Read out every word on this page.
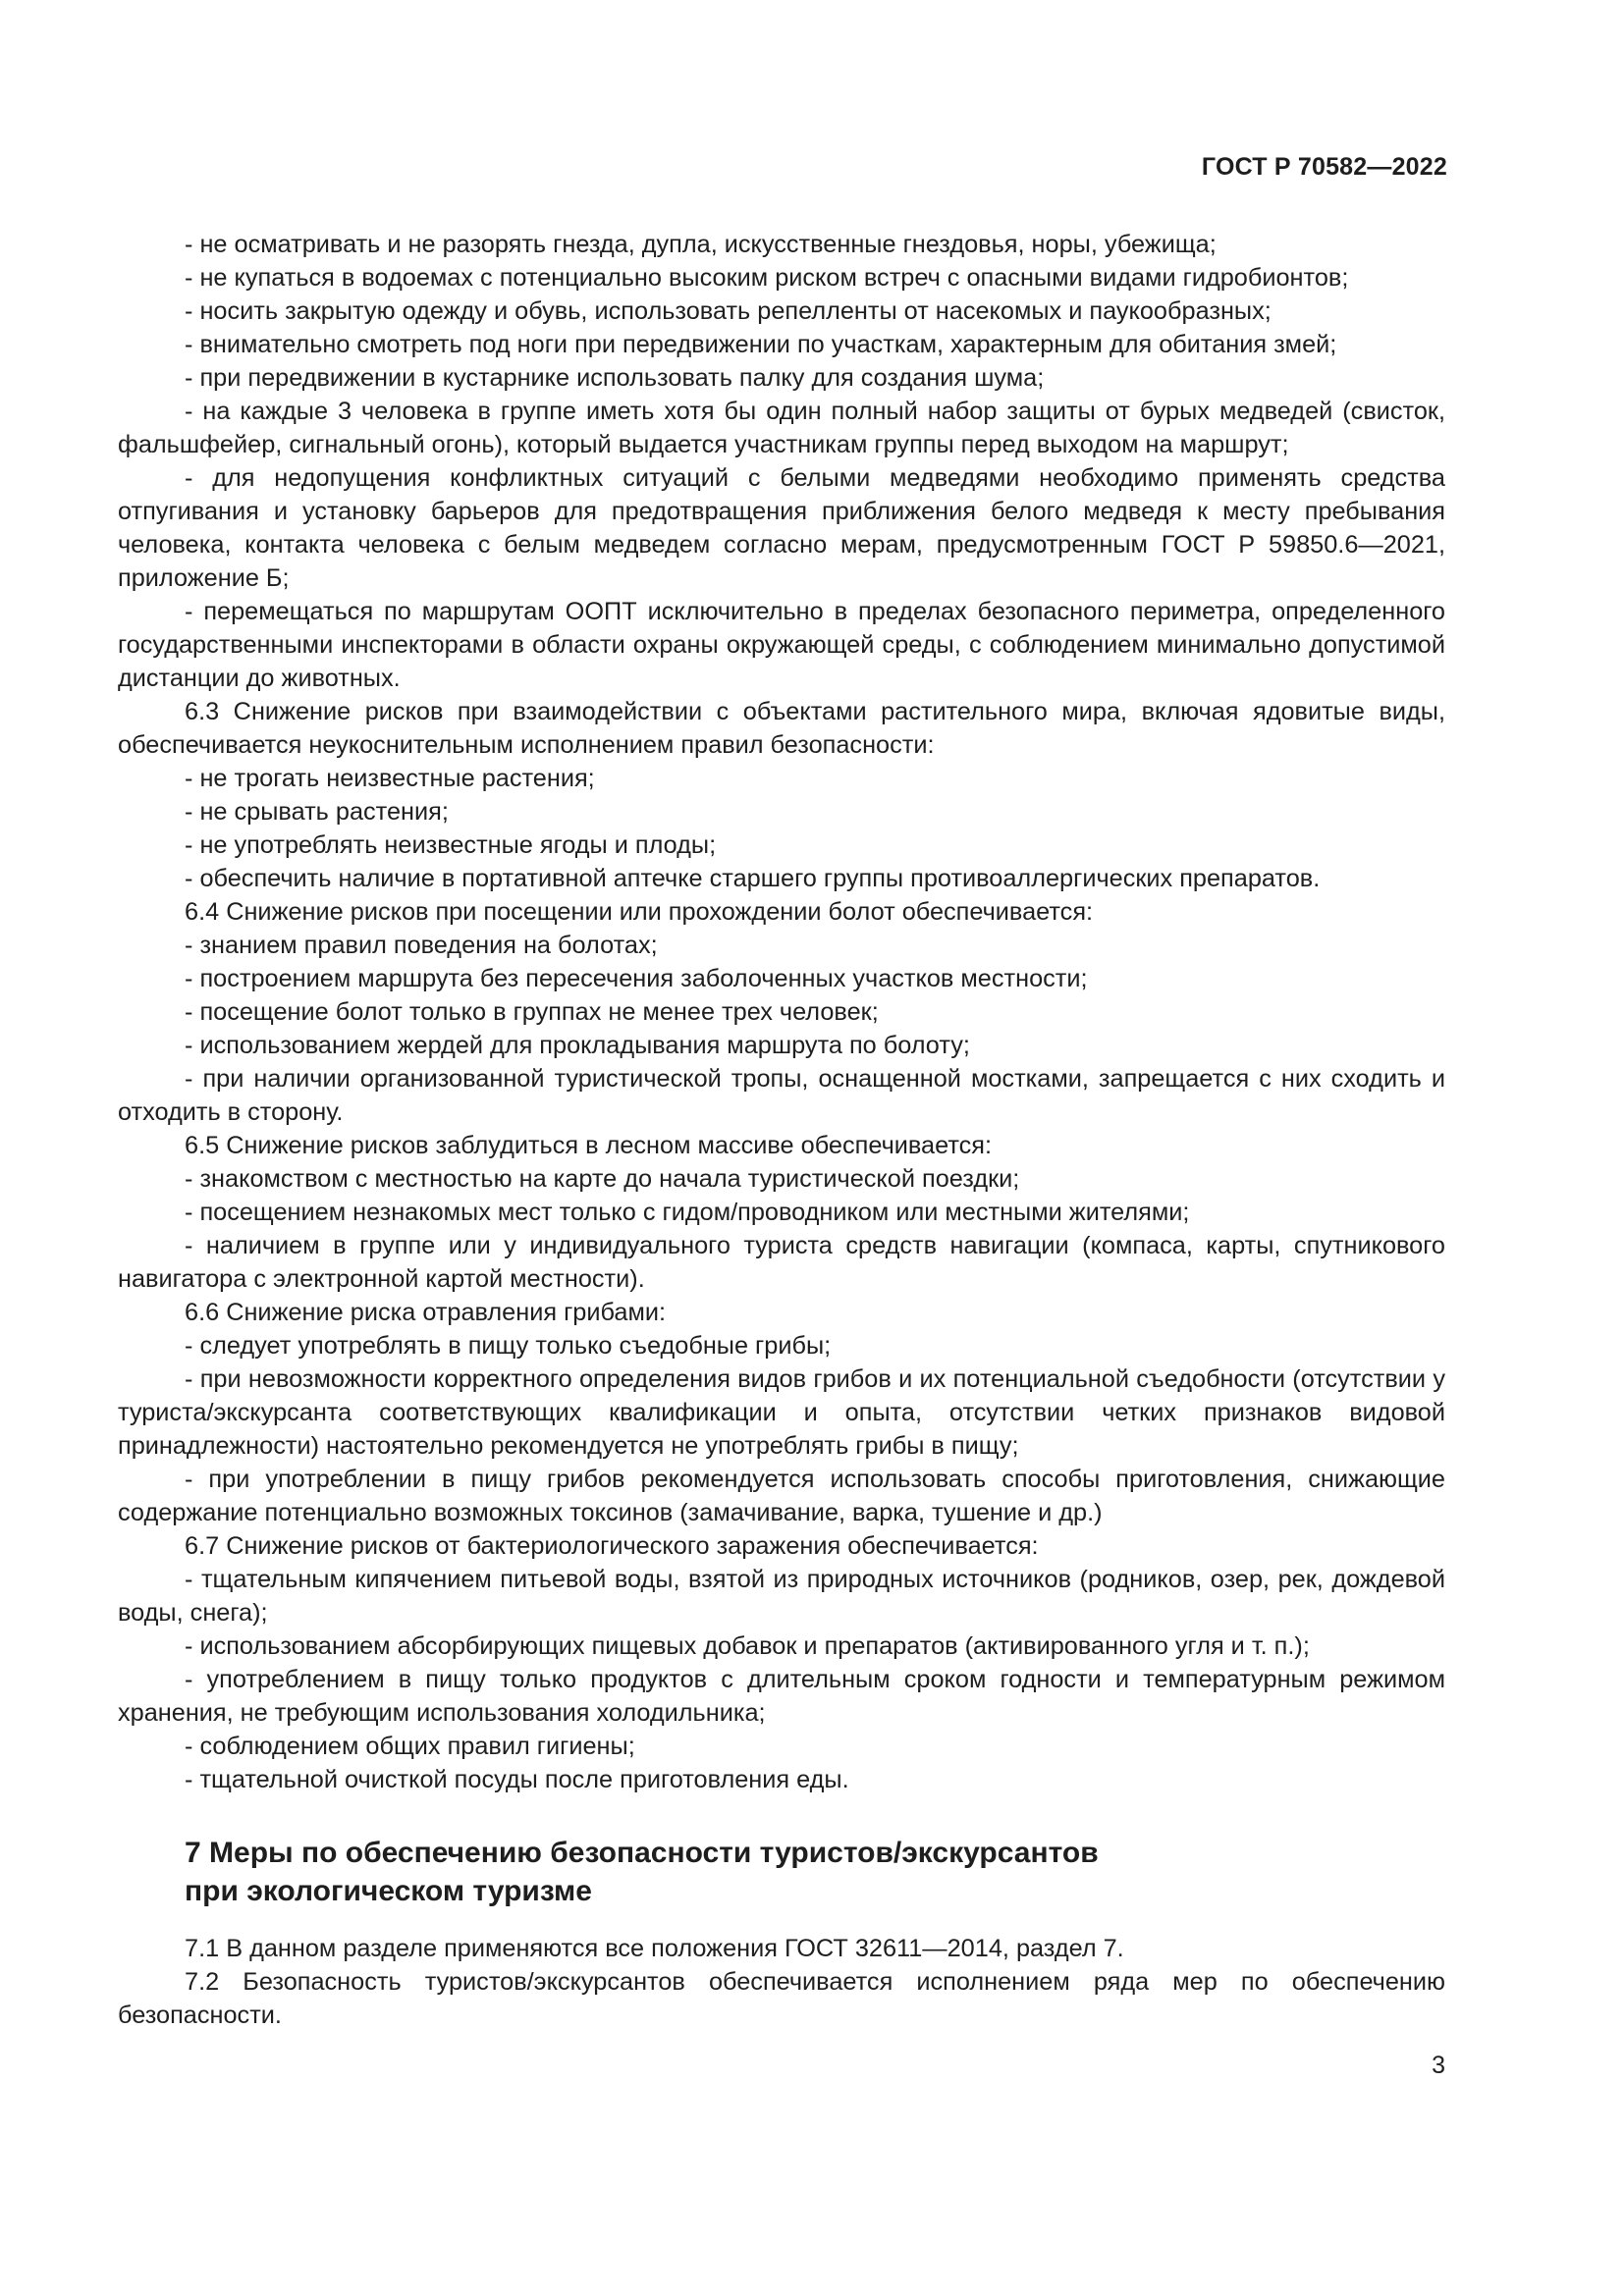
ГОСТ Р 70582—2022

- не осматривать и не разорять гнезда, дупла, искусственные гнездовья, норы, убежища;

- не купаться в водоемах с потенциально высоким риском встреч с опасными видами гидробионтов;

- носить закрытую одежду и обувь, использовать репелленты от насекомых и паукообразных;

- внимательно смотреть под ноги при передвижении по участкам, характерным для обитания змей;

- при передвижении в кустарнике использовать палку для создания шума;

- на каждые 3 человека в группе иметь хотя бы один полный набор защиты от бурых медведей (свисток, фальшфейер, сигнальный огонь), который выдается участникам группы перед выходом на маршрут;

- для недопущения конфликтных ситуаций с белыми медведями необходимо применять средства отпугивания и установку барьеров для предотвращения приближения белого медведя к месту пребывания человека, контакта человека с белым медведем согласно мерам, предусмотренным ГОСТ Р 59850.6—2021, приложение Б;

- перемещаться по маршрутам ООПТ исключительно в пределах безопасного периметра, определенного государственными инспекторами в области охраны окружающей среды, с соблюдением минимально допустимой дистанции до животных.

6.3 Снижение рисков при взаимодействии с объектами растительного мира, включая ядовитые виды, обеспечивается неукоснительным исполнением правил безопасности:

- не трогать неизвестные растения;

- не срывать растения;

- не употреблять неизвестные ягоды и плоды;

- обеспечить наличие в портативной аптечке старшего группы противоаллергических препаратов.

6.4 Снижение рисков при посещении или прохождении болот обеспечивается:

- знанием правил поведения на болотах;

- построением маршрута без пересечения заболоченных участков местности;

- посещение болот только в группах не менее трех человек;

- использованием жердей для прокладывания маршрута по болоту;

- при наличии организованной туристической тропы, оснащенной мостками, запрещается с них сходить и отходить в сторону.

6.5 Снижение рисков заблудиться в лесном массиве обеспечивается:

- знакомством с местностью на карте до начала туристической поездки;

- посещением незнакомых мест только с гидом/проводником или местными жителями;

- наличием в группе или у индивидуального туриста средств навигации (компаса, карты, спутникового навигатора с электронной картой местности).

6.6 Снижение риска отравления грибами:

- следует употреблять в пищу только съедобные грибы;

- при невозможности корректного определения видов грибов и их потенциальной съедобности (отсутствии у туриста/экскурсанта соответствующих квалификации и опыта, отсутствии четких признаков видовой принадлежности) настоятельно рекомендуется не употреблять грибы в пищу;

- при употреблении в пищу грибов рекомендуется использовать способы приготовления, снижающие содержание потенциально возможных токсинов (замачивание, варка, тушение и др.)

6.7 Снижение рисков от бактериологического заражения обеспечивается:

- тщательным кипячением питьевой воды, взятой из природных источников (родников, озер, рек, дождевой воды, снега);

- использованием абсорбирующих пищевых добавок и препаратов (активированного угля и т. п.);

- употреблением в пищу только продуктов с длительным сроком годности и температурным режимом хранения, не требующим использования холодильника;

- соблюдением общих правил гигиены;

- тщательной очисткой посуды после приготовления еды.

7 Меры по обеспечению безопасности туристов/экскурсантов
при экологическом туризме

7.1 В данном разделе применяются все положения ГОСТ 32611—2014, раздел 7.

7.2 Безопасность туристов/экскурсантов обеспечивается исполнением ряда мер по обеспечению безопасности.

3
